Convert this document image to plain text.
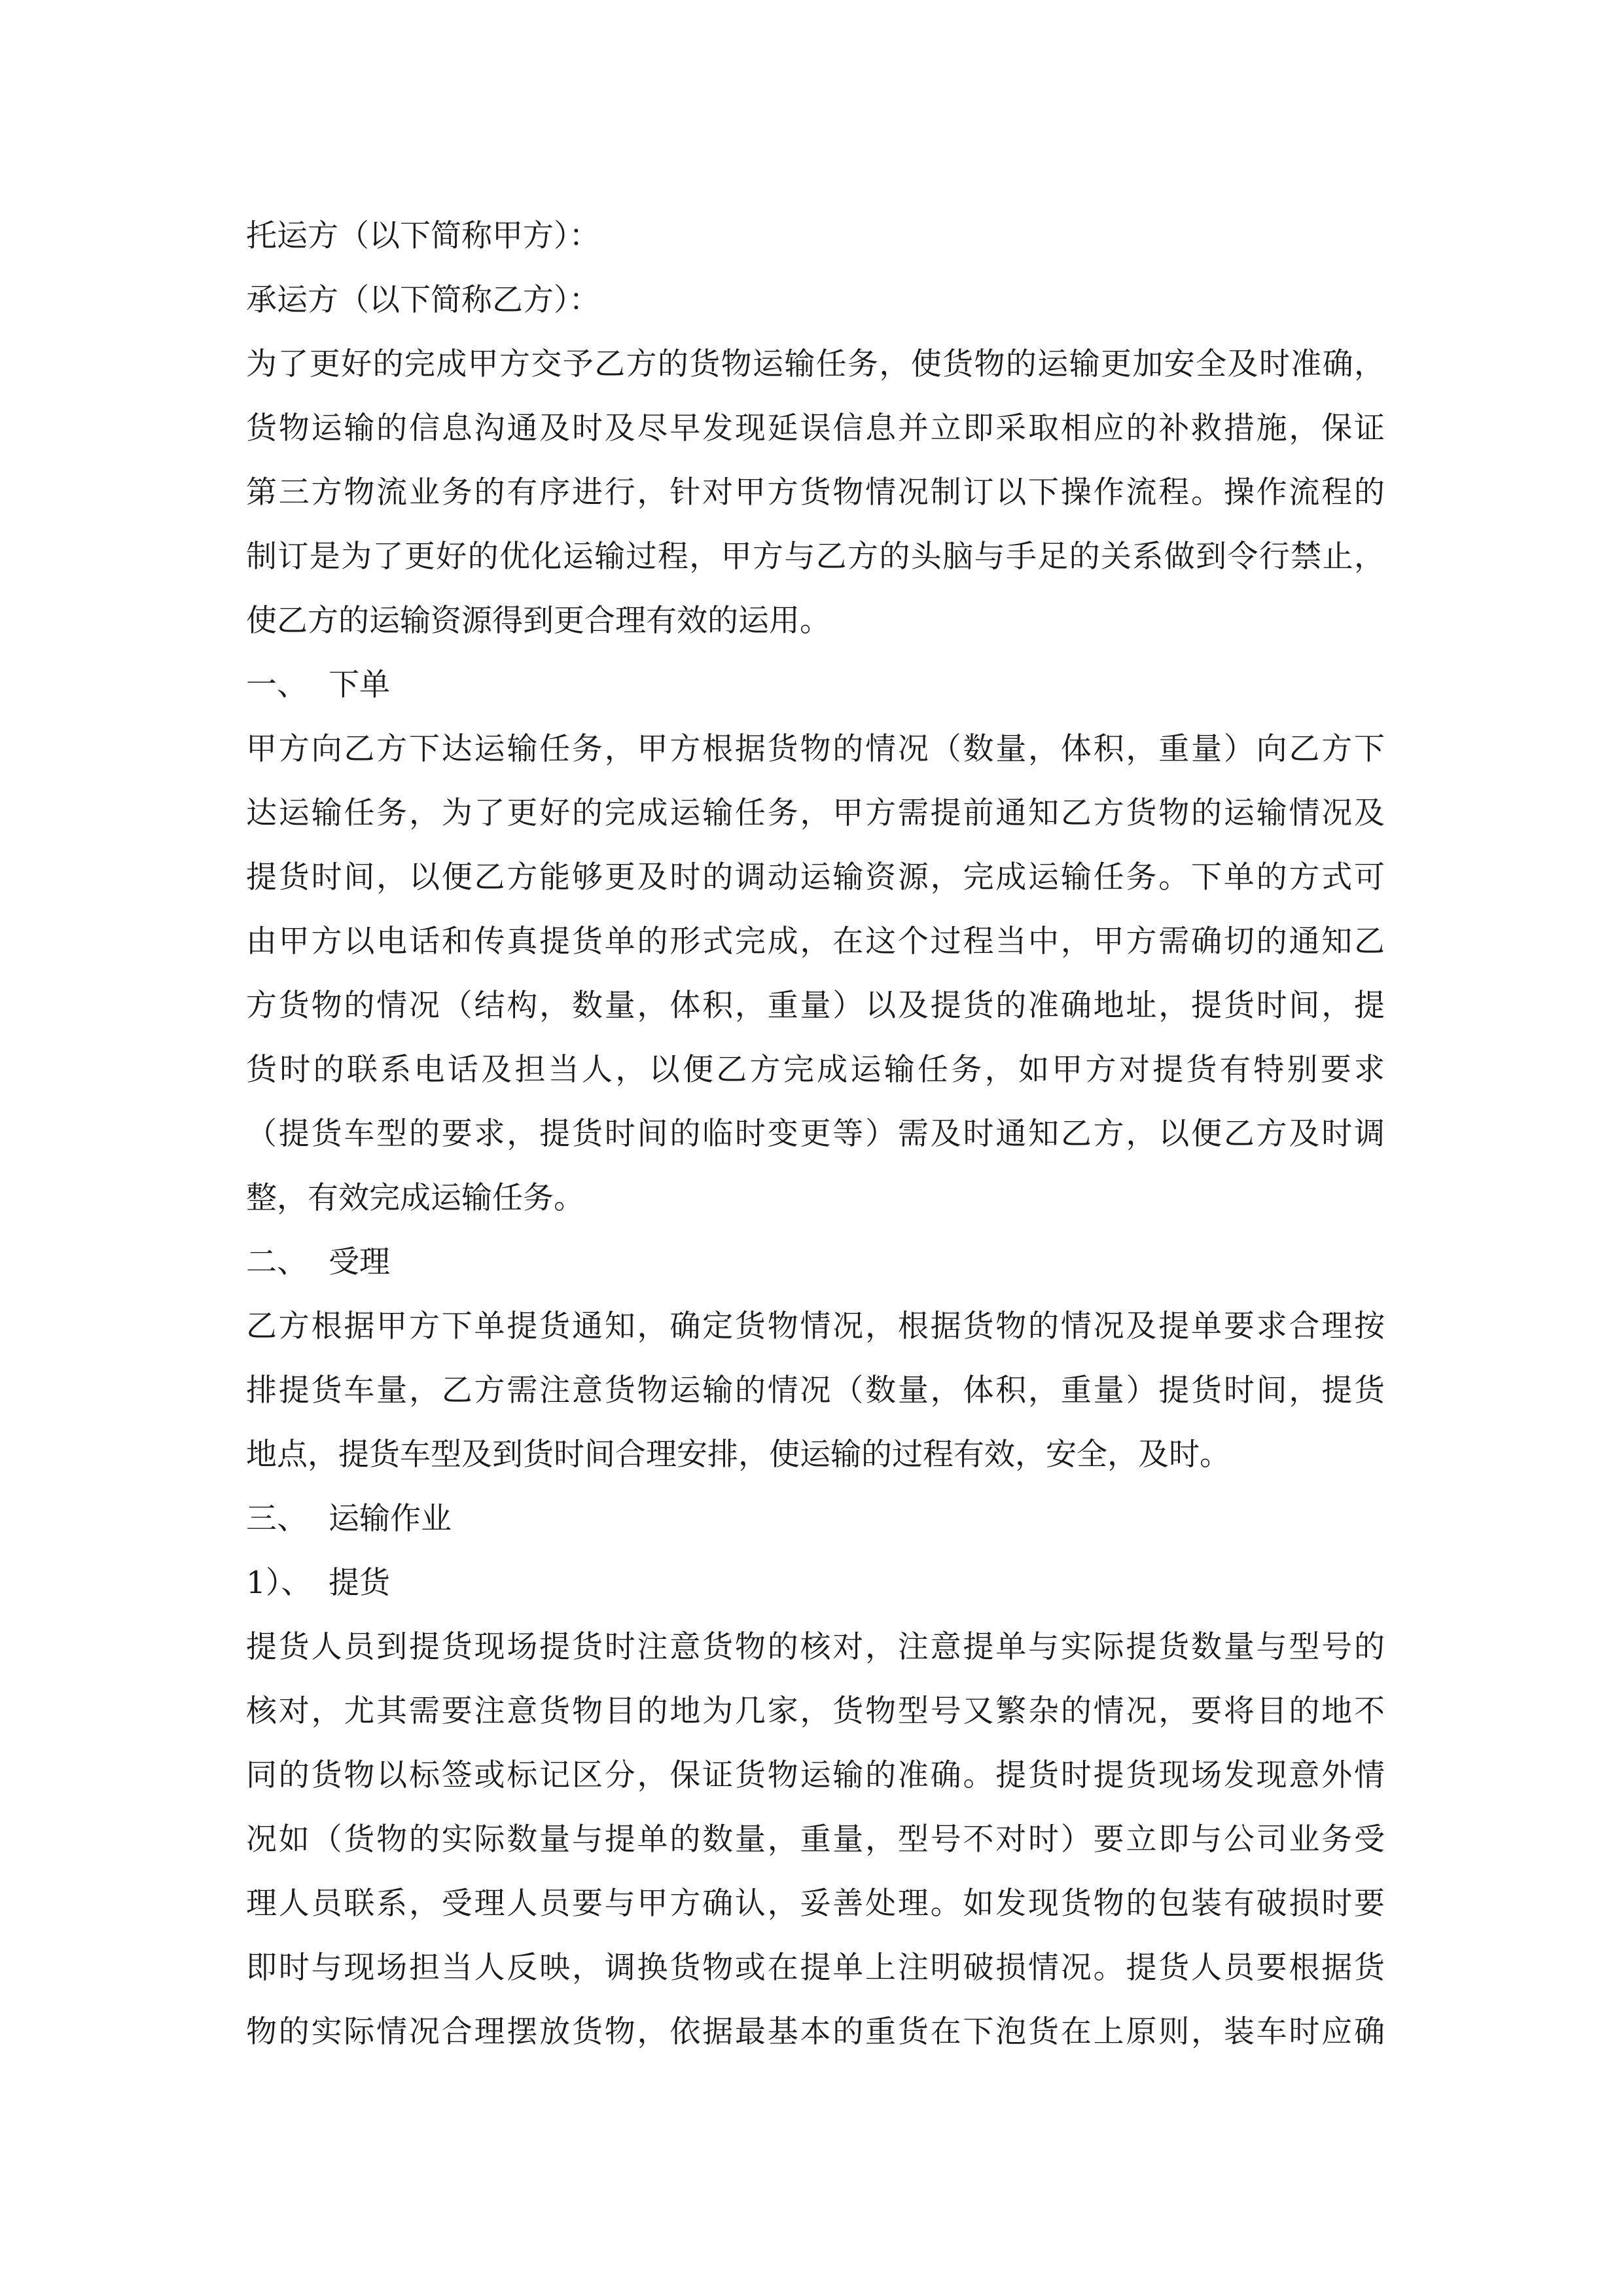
托运方（以下简称甲方）：
承运方（以下简称乙方）：
为了更好的完成甲方交予乙方的货物运输任务，使货物的运输更加安全及时准确，
货物运输的信息沟通及时及尽早发现延误信息并立即采取相应的补救措施，保证
第三方物流业务的有序进行，针对甲方货物情况制订以下操作流程。操作流程的
制订是为了更好的优化运输过程，甲方与乙方的头脑与手足的关系做到令行禁止，
使乙方的运输资源得到更合理有效的运用。
一、 下单
甲方向乙方下达运输任务，甲方根据货物的情况（数量，体积，重量）向乙方下
达运输任务，为了更好的完成运输任务，甲方需提前通知乙方货物的运输情况及
提货时间，以便乙方能够更及时的调动运输资源，完成运输任务。下单的方式可
由甲方以电话和传真提货单的形式完成，在这个过程当中，甲方需确切的通知乙
方货物的情况（结构，数量，体积，重量）以及提货的准确地址，提货时间，提
货时的联系电话及担当人，以便乙方完成运输任务，如甲方对提货有特别要求
（提货车型的要求，提货时间的临时变更等）需及时通知乙方，以便乙方及时调
整，有效完成运输任务。
二、 受理
乙方根据甲方下单提货通知，确定货物情况，根据货物的情况及提单要求合理按
排提货车量，乙方需注意货物运输的情况（数量，体积，重量）提货时间，提货
地点，提货车型及到货时间合理安排，使运输的过程有效，安全，及时。
三、 运输作业
1）、 提货
提货人员到提货现场提货时注意货物的核对，注意提单与实际提货数量与型号的
核对，尤其需要注意货物目的地为几家，货物型号又繁杂的情况，要将目的地不
同的货物以标签或标记区分，保证货物运输的准确。提货时提货现场发现意外情
况如（货物的实际数量与提单的数量，重量，型号不对时）要立即与公司业务受
理人员联系，受理人员要与甲方确认，妥善处理。如发现货物的包装有破损时要
即时与现场担当人反映，调换货物或在提单上注明破损情况。提货人员要根据货
物的实际情况合理摆放货物，依据最基本的重货在下泡货在上原则，装车时应确
